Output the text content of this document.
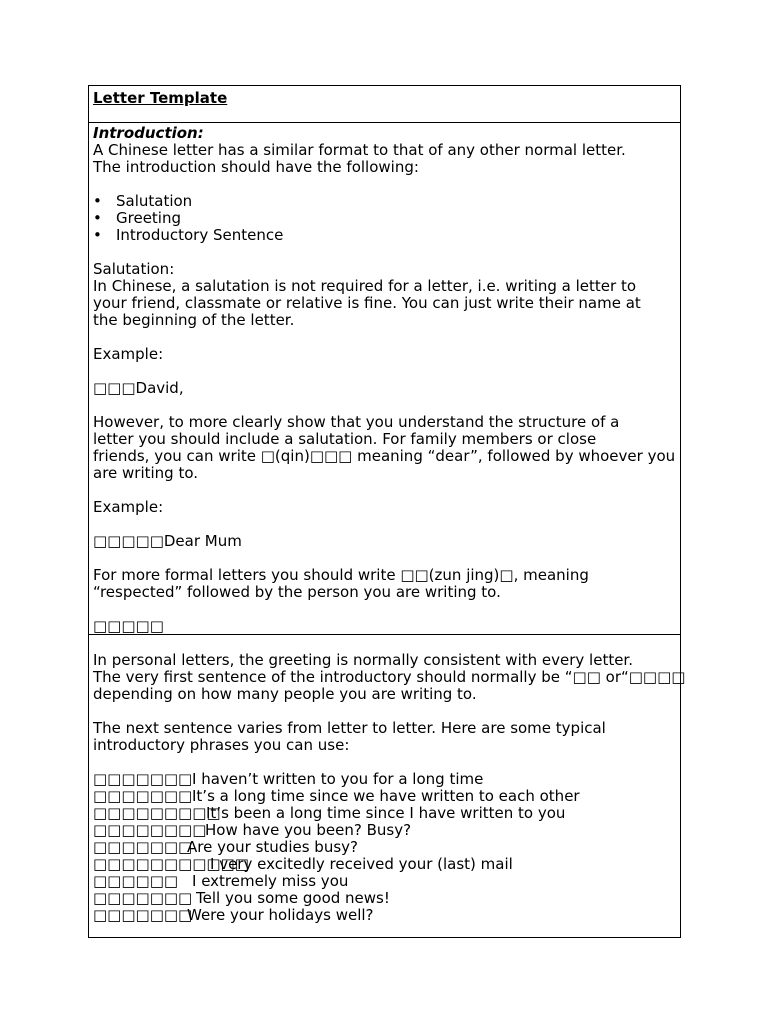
Letter Template
Introduction:
A Chinese letter has a similar format to that of any other normal letter.
The introduction should have the following:
• Salutation
• Greeting
• Introductory Sentence
Salutation:
In Chinese, a salutation is not required for a letter, i.e. writing a letter to
your friend, classmate or relative is fine. You can just write their name at
the beginning of the letter.
Example:
□□□David,
However, to more clearly show that you understand the structure of a
letter you should include a salutation. For family members or close
friends, you can write □(qin)□□□ meaning “dear”, followed by whoever you
are writing to.
Example:
□□□□□Dear Mum
For more formal letters you should write □□(zun jing)□, meaning
“respected” followed by the person you are writing to.
□□□□□
In personal letters, the greeting is normally consistent with every letter.
The very first sentence of the introductory should normally be “□□ or“□□□□
depending on how many people you are writing to.
The next sentence varies from letter to letter. Here are some typical
introductory phrases you can use:
□□□□□□□ I haven’t written to you for a long time
□□□□□□□ It’s a long time since we have written to each other
□□□□□□□□□
It’s been a long time since I have written to you
□□□□□□□□
How have you been? Busy?
□□□□□□□
Are your studies busy?
□□□□□□□□□□□
I very excitedly received your (last) mail
□□□□□□ I extremely miss you
□□□□□□□ Tell you some good news!
□□□□□□□
Were your holidays well?
